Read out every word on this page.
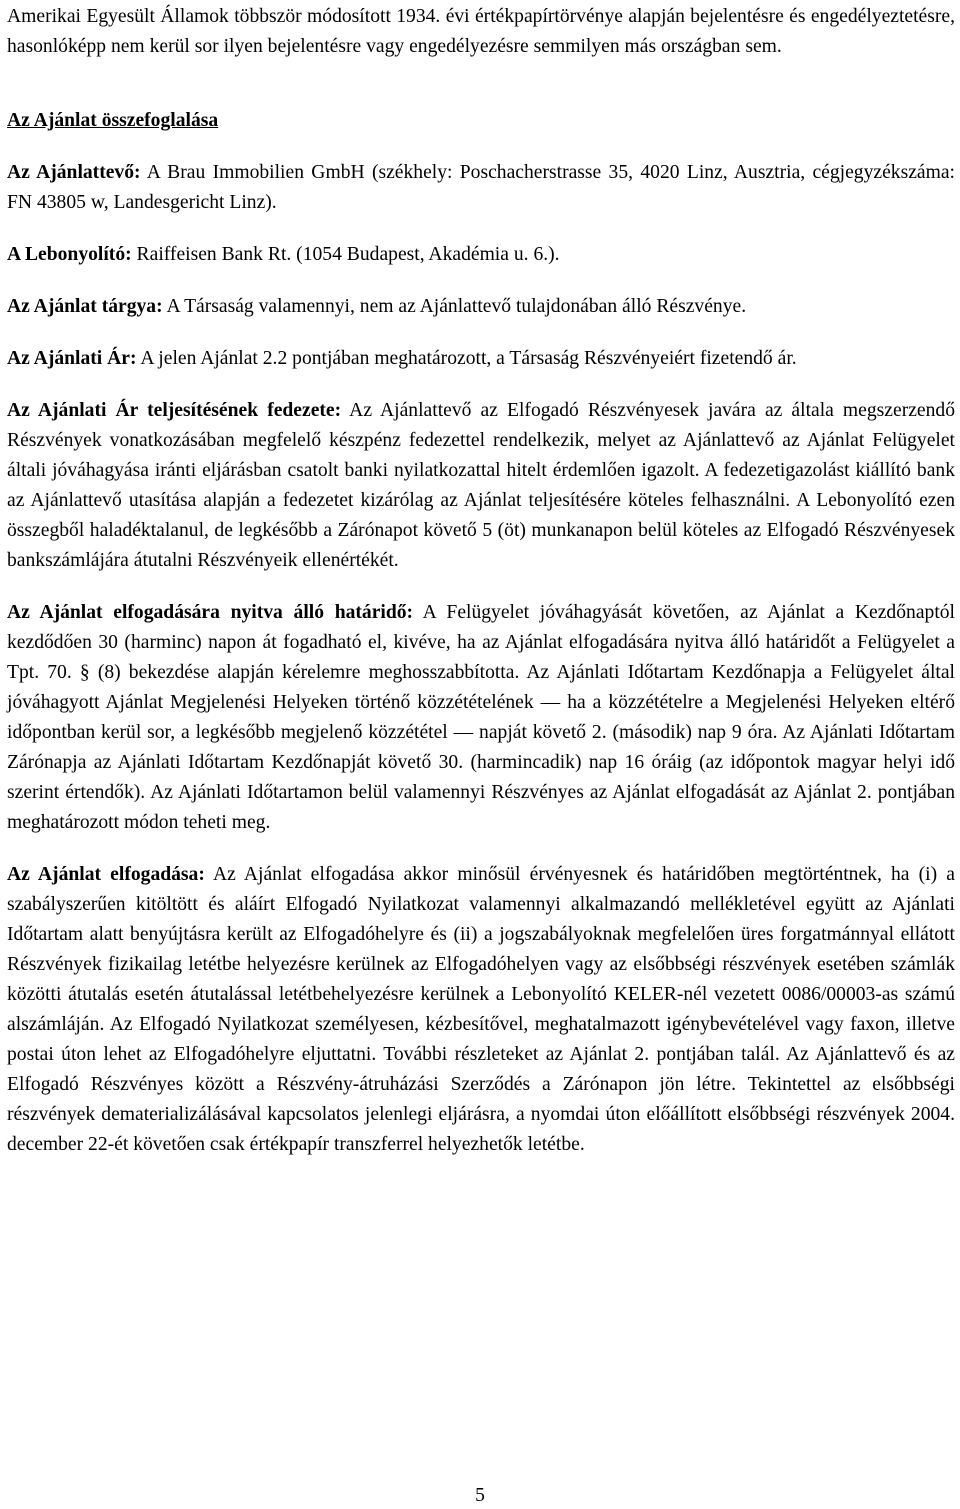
Amerikai Egyesült Államok többször módosított 1934. évi értékpapírtörvénye alapján bejelentésre és engedélyeztetésre, hasonlóképp nem kerül sor ilyen bejelentésre vagy engedélyezésre semmilyen más országban sem.

Az Ajánlat összefoglalása

Az Ajánlattevő: A Brau Immobilien GmbH (székhely: Poschacherstrasse 35, 4020 Linz, Ausztria, cégjegyzékszáma: FN 43805 w, Landesgericht Linz).

A Lebonyolító: Raiffeisen Bank Rt. (1054 Budapest, Akadémia u. 6.).

Az Ajánlat tárgya: A Társaság valamennyi, nem az Ajánlattevő tulajdonában álló Részvénye.

Az Ajánlati Ár: A jelen Ajánlat 2.2 pontjában meghatározott, a Társaság Részvényeiért fizetendő ár.

Az Ajánlati Ár teljesítésének fedezete: Az Ajánlattevő az Elfogadó Részvényesek javára az általa megszerzendő Részvények vonatkozásában megfelelő készpénz fedezettel rendelkezik, melyet az Ajánlattevő az Ajánlat Felügyelet általi jóváhagyása iránti eljárásban csatolt banki nyilatkozattal hitelt érdemlően igazolt. A fedezetigazolást kiállító bank az Ajánlattevő utasítása alapján a fedezetet kizárólag az Ajánlat teljesítésére köteles felhasználni. A Lebonyolító ezen összegből haladéktalanul, de legkésőbb a Zárónapot követő 5 (öt) munkanapon belül köteles az Elfogadó Részvényesek bankszámlájára átutalni Részvényeik ellenértékét.

Az Ajánlat elfogadására nyitva álló határidő: A Felügyelet jóváhagyását követően, az Ajánlat a Kezdőnaptól kezdődően 30 (harminc) napon át fogadható el, kivéve, ha az Ajánlat elfogadására nyitva álló határidőt a Felügyelet a Tpt. 70. § (8) bekezdése alapján kérelemre meghosszabbította. Az Ajánlati Időtartam Kezdőnapja a Felügyelet által jóváhagyott Ajánlat Megjelenési Helyeken történő közzétételének — ha a közzétételre a Megjelenési Helyeken eltérő időpontban kerül sor, a legkésőbb megjelenő közzététel — napját követő 2. (második) nap 9 óra. Az Ajánlati Időtartam Zárónapja az Ajánlati Időtartam Kezdőnapját követő 30. (harmincadik) nap 16 óráig (az időpontok magyar helyi idő szerint értendők). Az Ajánlati Időtartamon belül valamennyi Részvényes az Ajánlat elfogadását az Ajánlat 2. pontjában meghatározott módon teheti meg.

Az Ajánlat elfogadása: Az Ajánlat elfogadása akkor minősül érvényesnek és határidőben megtörténtnek, ha (i) a szabályszerűen kitöltött és aláírt Elfogadó Nyilatkozat valamennyi alkalmazandó mellékletével együtt az Ajánlati Időtartam alatt benyújtásra került az Elfogadóhelyre és (ii) a jogszabályoknak megfelelően üres forgatmánnyal ellátott Részvények fizikailag letétbe helyezésre kerülnek az Elfogadóhelyen vagy az elsőbbségi részvények esetében számlák közötti átutalás esetén átutalással letétbehelyezésre kerülnek a Lebonyolító KELER-nél vezetett 0086/00003-as számú alszámláján. Az Elfogadó Nyilatkozat személyesen, kézbesítővel, meghatalmazott igénybevételével vagy faxon, illetve postai úton lehet az Elfogadóhelyre eljuttatni. További részleteket az Ajánlat 2. pontjában talál. Az Ajánlattevő és az Elfogadó Részvényes között a Részvény-átruházási Szerződés a Zárónapon jön létre. Tekintettel az elsőbbségi részvények dematerializálásával kapcsolatos jelenlegi eljárásra, a nyomdai úton előállított elsőbbségi részvények 2004. december 22-ét követően csak értékpapír transzferrel helyezhetők letétbe.

5
